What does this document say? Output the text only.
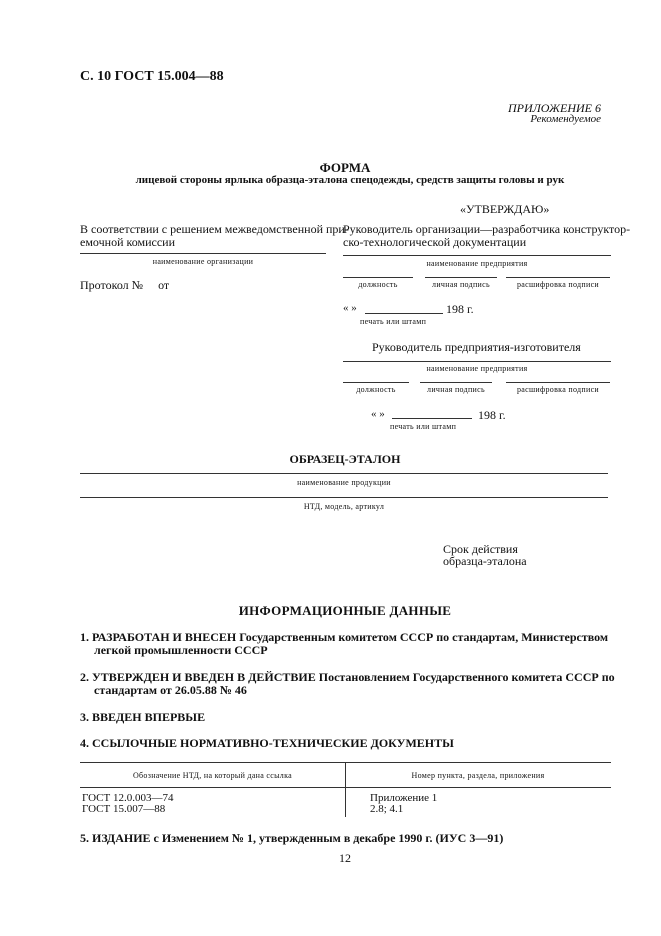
С. 10 ГОСТ 15.004—88
ПРИЛОЖЕНИЕ 6
Рекомендуемое
ФОРМА
лицевой стороны ярлыка образца-эталона спецодежды, средств защиты головы и рук
«УТВЕРЖДАЮ»
Руководитель организации—разработчика конструктор-
ско-технологической документации
наименование предприятия
должность	личная подпись	расшифровка подписи
« »	198 г.
печать или штамп
Руководитель предприятия-изготовителя
наименование предприятия
должность	личная подпись	расшифровка подписи
« »	198 г.
печать или штамп
В соответствии с решением межведомственной при-
емочной комиссии
наименование организации
Протокол №     от
ОБРАЗЕЦ-ЭТАЛОН
наименование продукции
НТД, модель, артикул
Срок действия
образца-эталона
ИНФОРМАЦИОННЫЕ ДАННЫЕ
1. РАЗРАБОТАН И ВНЕСЕН Государственным комитетом СССР по стандартам, Министерством
легкой промышленности СССР
2. УТВЕРЖДЕН И ВВЕДЕН В ДЕЙСТВИЕ Постановлением Государственного комитета СССР по
стандартам от 26.05.88 № 46
3. ВВЕДЕН ВПЕРВЫЕ
4. ССЫЛОЧНЫЕ НОРМАТИВНО-ТЕХНИЧЕСКИЕ ДОКУМЕНТЫ
Обозначение НТД, на который дана ссылка	Номер пункта, раздела, приложения
ГОСТ 12.0.003—74	Приложение 1
ГОСТ 15.007—88	2.8; 4.1
5. ИЗДАНИЕ с Изменением № 1, утвержденным в декабре 1990 г. (ИУС 3—91)
12
